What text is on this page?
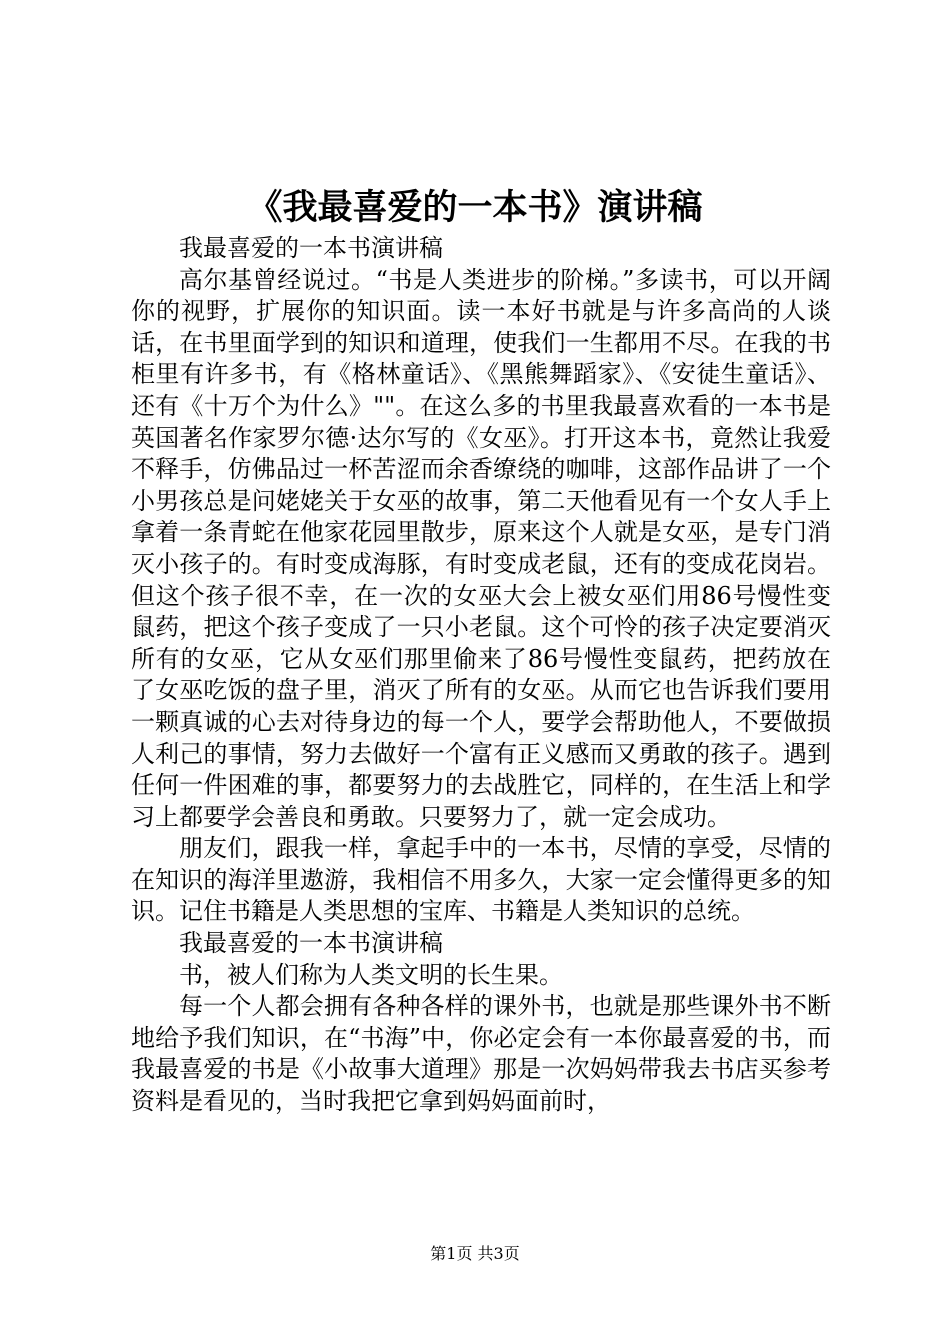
《我最喜爱的一本书》演讲稿

我最喜爱的一本书演讲稿

高尔基曾经说过。“书是人类进步的阶梯。”多读书，可以开阔你的视野，扩展你的知识面。读一本好书就是与许多高尚的人谈话，在书里面学到的知识和道理，使我们一生都用不尽。在我的书柜里有许多书，有《格林童话》、《黑熊舞蹈家》、《安徒生童话》、还有《十万个为什么》""。在这么多的书里我最喜欢看的一本书是英国著名作家罗尔德·达尔写的《女巫》。打开这本书，竟然让我爱不释手，仿佛品过一杯苦涩而余香缭绕的咖啡，这部作品讲了一个小男孩总是问姥姥关于女巫的故事，第二天他看见有一个女人手上拿着一条青蛇在他家花园里散步，原来这个人就是女巫，是专门消灭小孩子的。有时变成海豚，有时变成老鼠，还有的变成花岗岩。但这个孩子很不幸，在一次的女巫大会上被女巫们用86号慢性变鼠药，把这个孩子变成了一只小老鼠。这个可怜的孩子决定要消灭所有的女巫，它从女巫们那里偷来了86号慢性变鼠药，把药放在了女巫吃饭的盘子里，消灭了所有的女巫。从而它也告诉我们要用一颗真诚的心去对待身边的每一个人，要学会帮助他人，不要做损人利己的事情，努力去做好一个富有正义感而又勇敢的孩子。遇到任何一件困难的事，都要努力的去战胜它，同样的，在生活上和学习上都要学会善良和勇敢。只要努力了，就一定会成功。

朋友们，跟我一样，拿起手中的一本书，尽情的享受，尽情的在知识的海洋里遨游，我相信不用多久，大家一定会懂得更多的知识。记住书籍是人类思想的宝库、书籍是人类知识的总统。

我最喜爱的一本书演讲稿

书，被人们称为人类文明的长生果。

每一个人都会拥有各种各样的课外书，也就是那些课外书不断地给予我们知识，在“书海”中，你必定会有一本你最喜爱的书，而我最喜爱的书是《小故事大道理》那是一次妈妈带我去书店买参考资料是看见的，当时我把它拿到妈妈面前时，

第1页 共3页
